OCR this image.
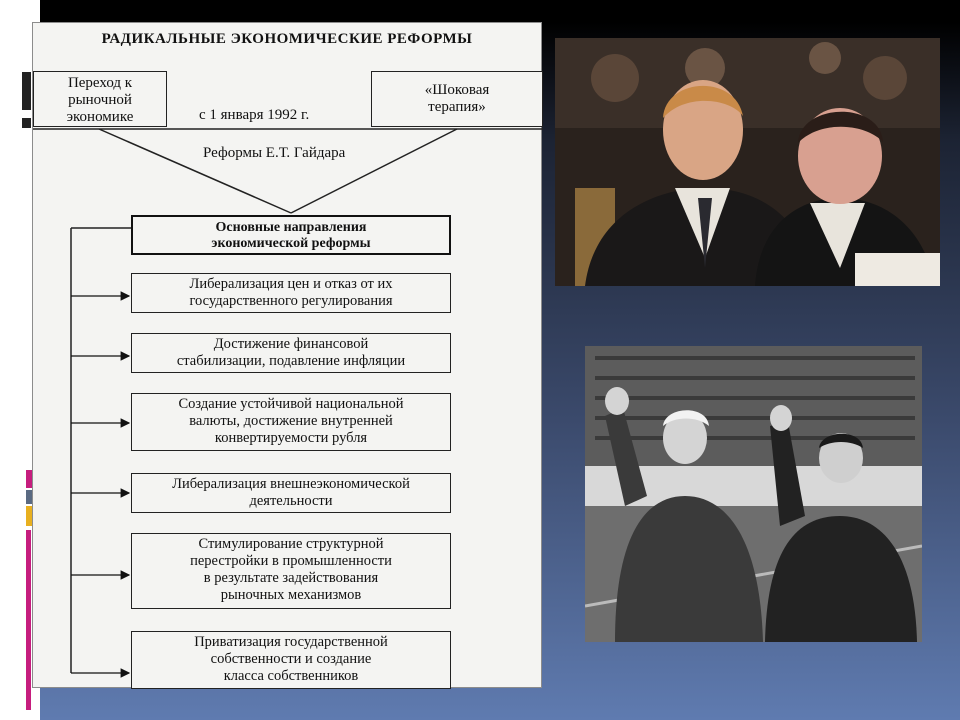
РАДИКАЛЬНЫЕ ЭКОНОМИЧЕСКИЕ РЕФОРМЫ
Переход к
рыночной
экономике
«Шоковая
терапия»
с 1 января 1992 г.
Реформы Е.Т. Гайдара
Основные направления
экономической реформы
Либерализация цен и отказ от их
государственного регулирования
Достижение финансовой
стабилизации, подавление инфляции
Создание устойчивой национальной
валюты, достижение внутренней
конвертируемости рубля
Либерализация внешнеэкономической
деятельности
Стимулирование структурной
перестройки в промышленности
в результате задействования
рыночных механизмов
Приватизация государственной
собственности и создание
класса собственников
